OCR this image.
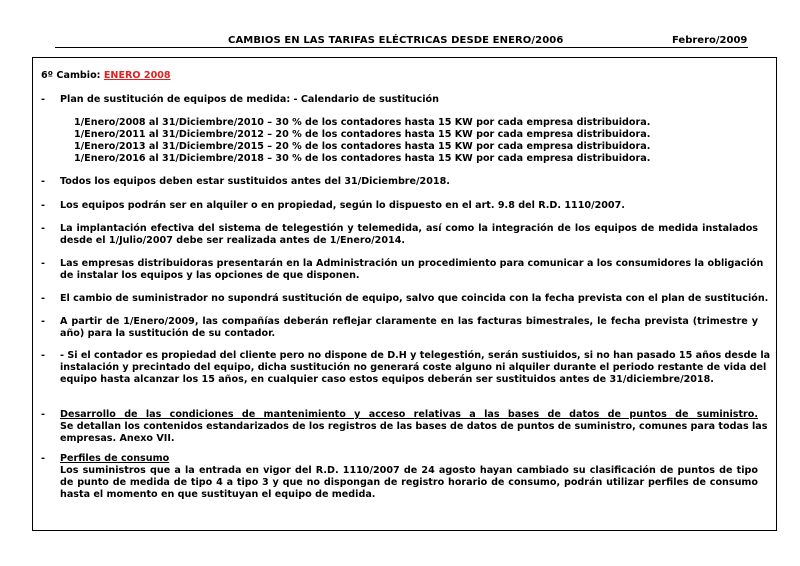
CAMBIOS EN LAS TARIFAS ELÉCTRICAS DESDE ENERO/2006	Febrero/2009
6º Cambio: ENERO 2008
- Plan de sustitución de equipos de medida: - Calendario de sustitución
1/Enero/2008 al 31/Diciembre/2010 – 30 % de los contadores hasta 15 KW por cada empresa distribuidora.
1/Enero/2011 al 31/Diciembre/2012 – 20 % de los contadores hasta 15 KW por cada empresa distribuidora.
1/Enero/2013 al 31/Diciembre/2015 – 20 % de los contadores hasta 15 KW por cada empresa distribuidora.
1/Enero/2016 al 31/Diciembre/2018 – 30 % de los contadores hasta 15 KW por cada empresa distribuidora.
- Todos los equipos deben estar sustituidos antes del 31/Diciembre/2018.
- Los equipos podrán ser en alquiler o en propiedad, según lo dispuesto en el art. 9.8 del R.D. 1110/2007.
- La implantación efectiva del sistema de telegestión y telemedida, así como la integración de los equipos de medida instalados
desde el 1/Julio/2007 debe ser realizada antes de 1/Enero/2014.
- Las empresas distribuidoras presentarán en la Administración un procedimiento para comunicar a los consumidores la obligación
de instalar los equipos y las opciones de que disponen.
- El cambio de suministrador no supondrá sustitución de equipo, salvo que coincida con la fecha prevista con el plan de sustitución.
- A partir de 1/Enero/2009, las compañías deberán reflejar claramente en las facturas bimestrales, le fecha prevista (trimestre y
año) para la sustitución de su contador.
- - Si el contador es propiedad del cliente pero no dispone de D.H y telegestión, serán sustiuidos, si no han pasado 15 años desde la
instalación y precintado del equipo, dicha sustitución no generará coste alguno ni alquiler durante el periodo restante de vida del
equipo hasta alcanzar los 15 años, en cualquier caso estos equipos deberán ser sustituidos antes de 31/diciembre/2018.
- Desarrollo de las condiciones de mantenimiento y acceso relativas a las bases de datos de puntos de suministro.
Se detallan los contenidos estandarizados de los registros de las bases de datos de puntos de suministro, comunes para todas las
empresas. Anexo VII.
- Perfiles de consumo
Los suministros que a la entrada en vigor del R.D. 1110/2007 de 24 agosto hayan cambiado su clasificación de puntos de tipo
de punto de medida de tipo 4 a tipo 3 y que no dispongan de registro horario de consumo, podrán utilizar perfiles de consumo
hasta el momento en que sustituyan el equipo de medida.
